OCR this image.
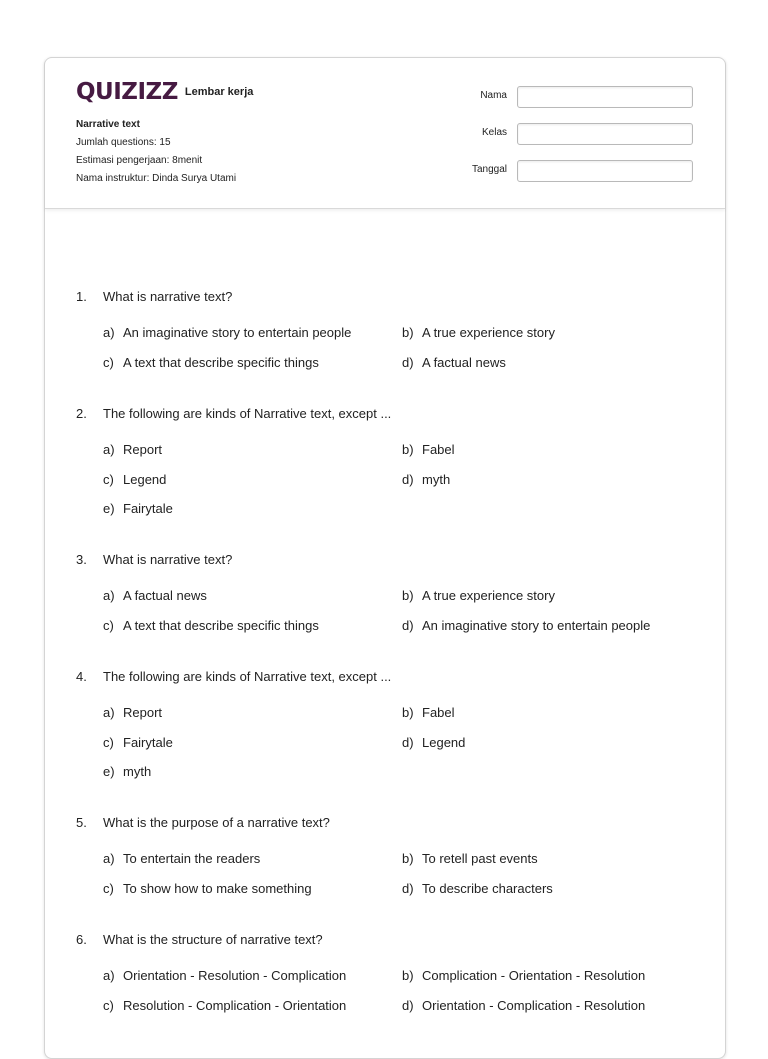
QUIZIZZ Lembar kerja
Narrative text
Jumlah questions: 15
Estimasi pengerjaan: 8menit
Nama instruktur: Dinda Surya Utami
Nama
Kelas
Tanggal
1. What is narrative text?
a) An imaginative story to entertain people	b) A true experience story
c) A text that describe specific things	d) A factual news
2. The following are kinds of Narrative text, except ...
a) Report	b) Fabel
c) Legend	d) myth
e) Fairytale
3. What is narrative text?
a) A factual news	b) A true experience story
c) A text that describe specific things	d) An imaginative story to entertain people
4. The following are kinds of Narrative text, except ...
a) Report	b) Fabel
c) Fairytale	d) Legend
e) myth
5. What is the purpose of a narrative text?
a) To entertain the readers	b) To retell past events
c) To show how to make something	d) To describe characters
6. What is the structure of narrative text?
a) Orientation - Resolution - Complication	b) Complication - Orientation - Resolution
c) Resolution - Complication - Orientation	d) Orientation - Complication - Resolution
